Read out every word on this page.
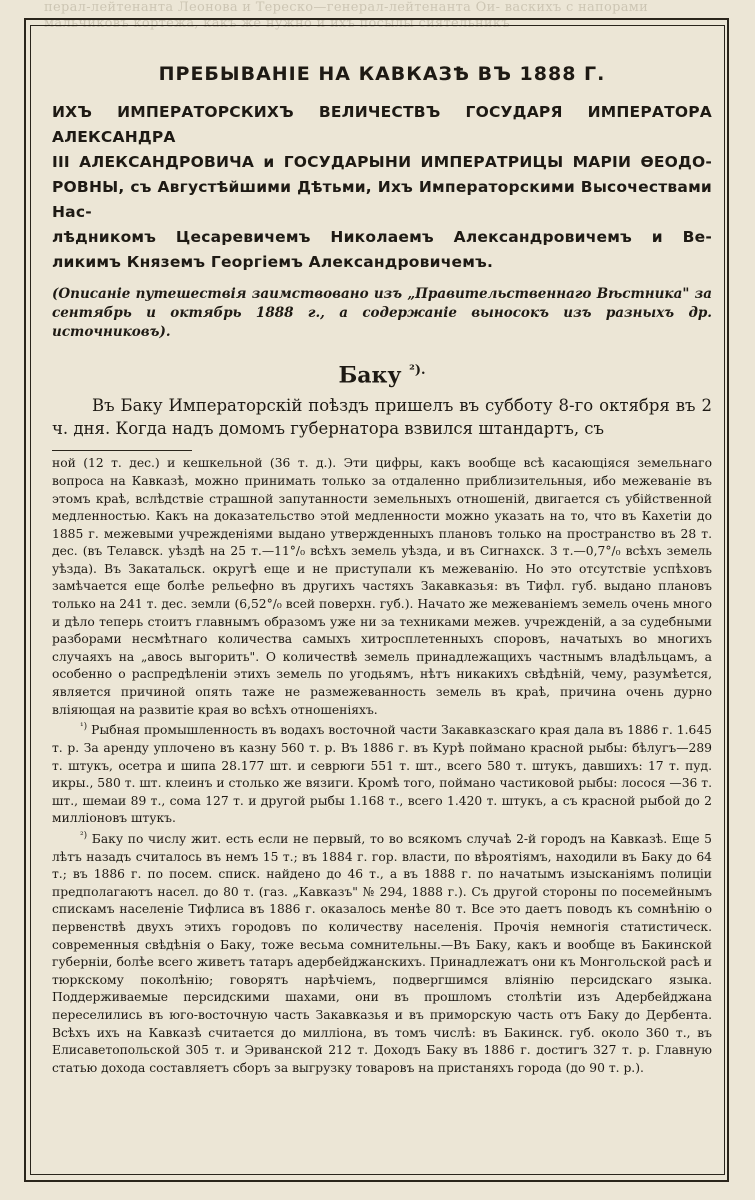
перал-лейтенанта Леонова и Тереско—генерал-лейтенанта Ои- васкихъ с напорами мальчиковъ кортежа, какъ же нужно и ихъ посылы сиятельникъ
ПРЕБЫВАНІЕ НА КАВКАЗѢ ВЪ 1888 Г.

ИХЪ ИМПЕРАТОРСКИХЪ ВЕЛИЧЕСТВЪ ГОСУДАРЯ ИМПЕРАТОРА АЛЕКСАНДРА

III АЛЕКСАНДРОВИЧА и ГОСУДАРЫНИ ИМПЕРАТРИЦЫ МАРІИ ѲЕОДО-

РОВНЫ, съ Августѣйшими Дѣтьми, Ихъ Императорскими Высочествами Нас-

лѣдникомъ Цесаревичемъ Николаемъ Александровичемъ и Ве-

ликимъ Княземъ Георгіемъ Александровичемъ.

(Описаніе путешествія заимствовано изъ „Правительственнаго Вѣстника" за сентябрь и октябрь 1888 г., а содержаніе выносокъ изъ разныхъ др. источниковъ).
Баку $^{^2).}$

Въ Баку Императорскій поѣздъ пришелъ въ субботу 8-го октября въ 2 ч. дня. Когда надъ домомъ губернатора взвился штандартъ, съ

ной (12 т. дес.) и кешкельной (36 т. д.). Эти цифры, какъ вообще всѣ касающіяся земельнаго вопроса на Кавказѣ, можно принимать только за отдаленно приблизительныя, ибо межеваніе въ этомъ краѣ, вслѣдствіе страшной запутанности земельныхъ отношеній, двигается съ убійственной медленностью. Какъ на доказательство этой медленности можно указать на то, что въ Кахетіи до 1885 г. межевыми учрежденіями выдано утвержденныхъ плановъ только на пространство въ 28 т. дес. (въ Телавск. уѣздѣ на 25 т.—11°/₀ всѣхъ земель уѣзда, и въ Сигнахск. 3 т.—0,7°/₀ всѣхъ земель уѣзда). Въ Закатальск. округѣ еще и не приступали къ межеванію. Но это отсутствіе успѣховъ замѣчается еще болѣе рельефно въ другихъ частяхъ Закавказья: въ Тифл. губ. выдано плановъ только на 241 т. дес. земли (6,52°/₀ всей поверхн. губ.). Начато же межеваніемъ земель очень много и дѣло теперь стоитъ главнымъ образомъ уже ни за техниками межев. учрежденій, а за судебными разборами несмѣтнаго количества самыхъ хитросплетенныхъ споровъ, начатыхъ во многихъ случаяхъ на „авось выгорить". О количествѣ земель принадлежащихъ частнымъ владѣльцамъ, а особенно о распредѣленіи этихъ земель по угодьямъ, нѣтъ никакихъ свѣдѣній, чему, разумѣется, является причиной опять таже не размежеванность земель въ краѣ, причина очень дурно вліяющая на развитіе края во всѣхъ отношеніяхъ.

$^{^1)}$ Рыбная промышленность въ водахъ восточной части Закавказскаго края дала въ 1886 г. 1.645 т. р. За аренду уплочено въ казну 560 т. р. Въ 1886 г. въ Курѣ поймано красной рыбы: бѣлугъ—289 т. штукъ, осетра и шипа 28.177 шт. и севрюги 551 т. шт., всего 580 т. штукъ, давшихъ: 17 т. пуд. икры., 580 т. шт. клеинъ и столько же вязиги. Кромѣ того, поймано частиковой рыбы: лосося —36 т. шт., шемаи 89 т., сома 127 т. и другой рыбы 1.168 т., всего 1.420 т. штукъ, а съ красной рыбой до 2 милліоновъ штукъ.

$^{^2)}$ Баку по числу жит. есть если не первый, то во всякомъ случаѣ 2-й городъ на Кавказѣ. Еще 5 лѣтъ назадъ считалось въ немъ 15 т.; въ 1884 г. гор. власти, по вѣроятіямъ, находили въ Баку до 64 т.; въ 1886 г. по посем. списк. найдено до 46 т., а въ 1888 г. по начатымъ изысканіямъ полиціи предполагаютъ насел. до 80 т. (газ. „Кавказъ" № 294, 1888 г.). Съ другой стороны по посемейнымъ спискамъ населеніе Тифлиса въ 1886 г. оказалось менѣе 80 т. Все это даетъ поводъ къ сомнѣнію о первенствѣ двухъ этихъ городовъ по количеству населенія. Прочія немногія статистическ. современныя свѣдѣнія о Баку, тоже весьма сомнительны.—Въ Баку, какъ и вообще въ Бакинской губерніи, болѣе всего живетъ татаръ адербейджанскихъ. Принадлежатъ они къ Монгольской расѣ и тюркскому поколѣнію; говорятъ нарѣчіемъ, подвергшимся вліянію персидскаго языка. Поддерживаемые персидскими шахами, они въ прошломъ столѣтіи изъ Адербейджана переселились въ юго-восточную часть Закавказья и въ приморскую часть отъ Баку до Дербента. Всѣхъ ихъ на Кавказѣ считается до милліона, въ томъ числѣ: въ Бакинск. губ. около 360 т., въ Елисаветопольской 305 т. и Эриванской 212 т. Доходъ Баку въ 1886 г. достигъ 327 т. р. Главную статью дохода составляетъ сборъ за выгрузку товаровъ на пристаняхъ города (до 90 т. р.).
